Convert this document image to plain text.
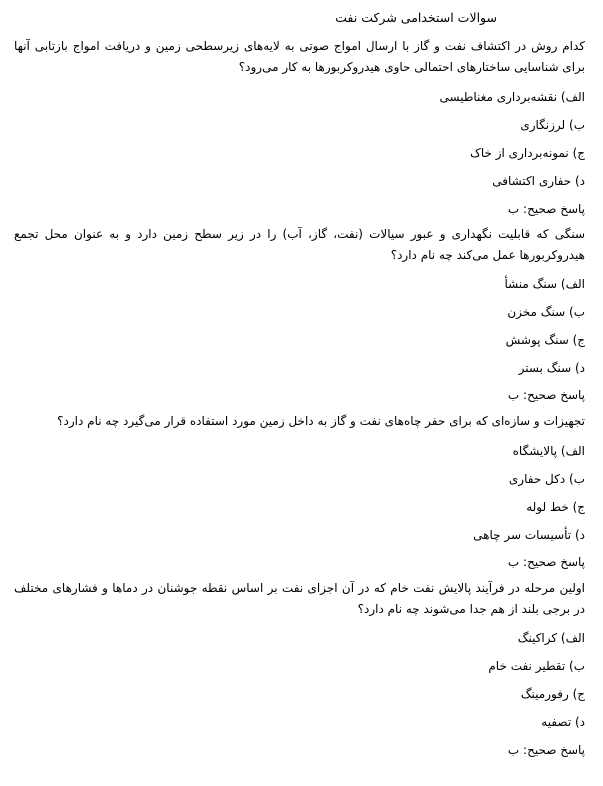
سوالات استخدامی شرکت نفت

کدام روش در اکتشاف نفت و گاز با ارسال امواج صوتی به لایه‌های زیرسطحی زمین و دریافت امواج بازتابی آنها برای شناسایی ساختارهای احتمالی حاوی هیدروکربورها به کار می‌رود؟

الف) نقشه‌برداری مغناطیسی

ب) لرزنگاری

ج) نمونه‌برداری از خاک

د) حفاری اکتشافی

پاسخ صحیح: ب

سنگی که قابلیت نگهداری و عبور سیالات (نفت، گاز، آب) را در زیر سطح زمین دارد و به عنوان محل تجمع هیدروکربورها عمل می‌کند چه نام دارد؟

الف) سنگ منشأ

ب) سنگ مخزن

ج) سنگ پوشش

د) سنگ بستر

پاسخ صحیح: ب

تجهیزات و سازه‌ای که برای حفر چاه‌های نفت و گاز به داخل زمین مورد استفاده قرار می‌گیرد چه نام دارد؟

الف) پالایشگاه

ب) دکل حفاری

ج) خط لوله

د) تأسیسات سر چاهی

پاسخ صحیح: ب

اولین مرحله در فرآیند پالایش نفت خام که در آن اجزای نفت بر اساس نقطه جوشنان در دماها و فشارهای مختلف در برجی بلند از هم جدا می‌شوند چه نام دارد؟

الف) کراکینگ

ب) تقطیر نفت خام

ج) رفورمینگ

د) تصفیه

پاسخ صحیح: ب
